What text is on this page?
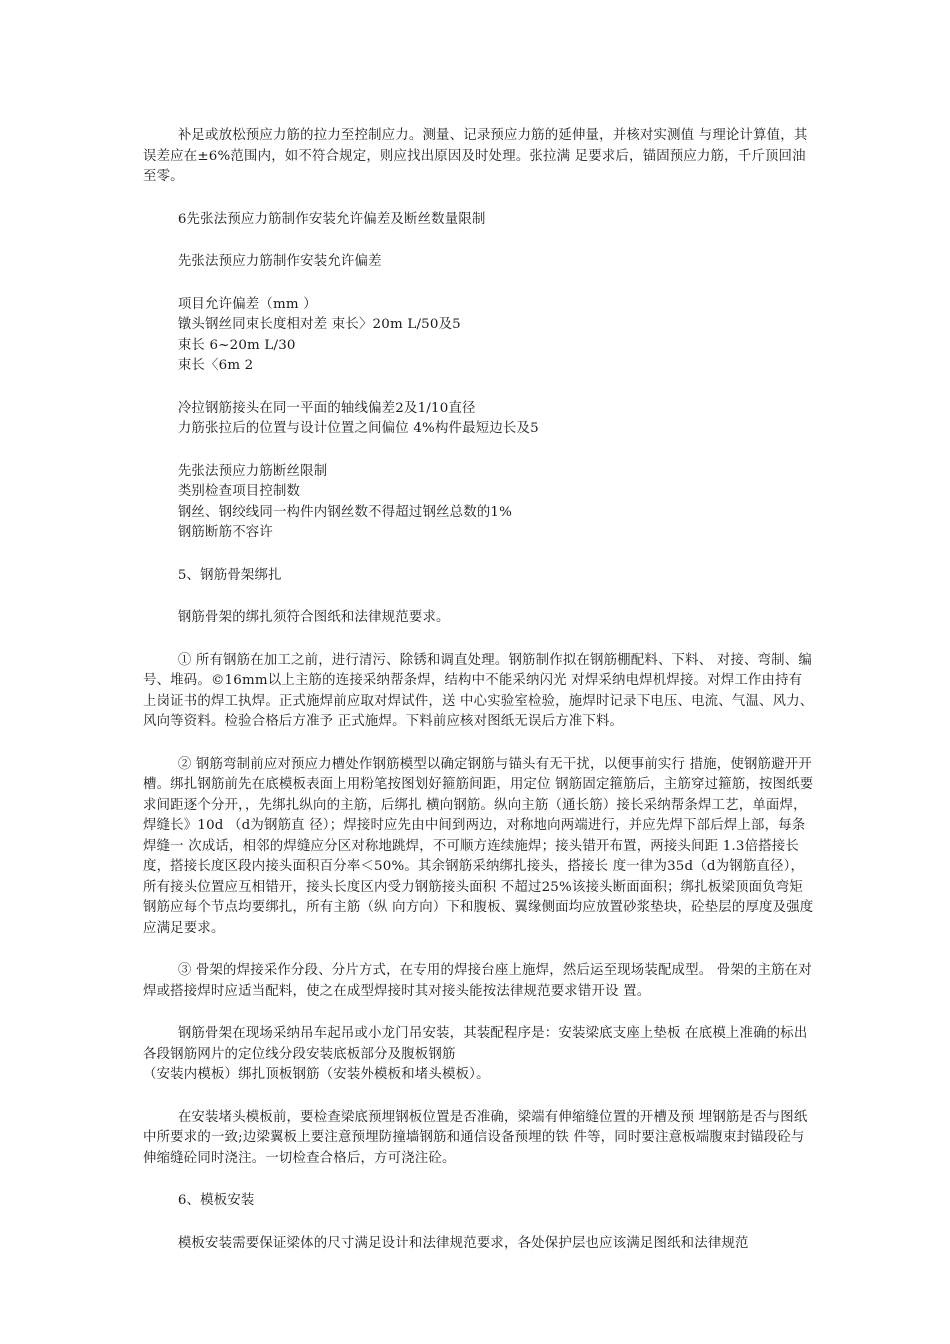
补足或放松预应力筋的拉力至控制应力。测量、记录预应力筋的延伸量，并核对实测值 与理论计算值，其误差应在±6%范围内，如不符合规定，则应找出原因及时处理。张拉满 足要求后，锚固预应力筋，千斤顶回油至零。

6先张法预应力筋制作安装允许偏差及断丝数量限制

先张法预应力筋制作安装允许偏差

项目允许偏差（mm ）

镦头钢丝同束长度相对差 束长〉20m L/50及5

束长 6~20m L/30

束长〈6m 2

冷拉钢筋接头在同一平面的轴线偏差2及1/10直径

力筋张拉后的位置与设计位置之间偏位 4%构件最短边长及5

先张法预应力筋断丝限制

类别检查项目控制数

钢丝、钢绞线同一构件内钢丝数不得超过钢丝总数的1%

钢筋断筋不容许

5、钢筋骨架绑扎

钢筋骨架的绑扎须符合图纸和法律规范要求。

① 所有钢筋在加工之前，进行清污、除锈和调直处理。钢筋制作拟在钢筋棚配料、下料、 对接、弯制、编 号、堆码。©16mm以上主筋的连接采纳帮条焊，结构中不能采纳闪光 对焊采纳电焊机焊接。对焊工作由持有上岗证书的焊工执焊。正式施焊前应取对焊试件，送 中心实验室检验，施焊时记录下电压、电流、气温、风力、风向等资料。检验合格后方准予 正式施焊。下料前应核对图纸无误后方准下料。

② 钢筋弯制前应对预应力槽处作钢筋模型以确定钢筋与锚头有无干扰，以便事前实行 措施，使钢筋避开开槽。绑扎钢筋前先在底模板表面上用粉笔按图划好箍筋间距，用定位 钢筋固定箍筋后，主筋穿过箍筋，按图纸要求间距逐个分开，，先绑扎纵向的主筋，后绑扎 横向钢筋。纵向主筋（通长筋）接长采纳帮条焊工艺，单面焊，焊缝长》10d （d为钢筋直 径）；焊接时应先由中间到两边，对称地向两端进行，并应先焊下部后焊上部，每条焊缝一 次成话，相邻的焊缝应分区对称地跳焊，不可顺方连续施焊；接头错开布置，两接头间距 1.3倍搭接长度，搭接长度区段内接头面积百分率＜50%。其余钢筋采纳绑扎接头，搭接长 度一律为35d（d为钢筋直径），所有接头位置应互相错开，接头长度区内受力钢筋接头面积 不超过25%该接头断面面积；绑扎板梁顶面负弯矩钢筋应每个节点均要绑扎，所有主筋（纵 向方向）下和腹板、翼缘侧面均应放置砂浆垫块，砼垫层的厚度及强度应满足要求。

③ 骨架的焊接采作分段、分片方式，在专用的焊接台座上施焊，然后运至现场装配成型。 骨架的主筋在对焊或搭接焊时应适当配料，使之在成型焊接时其对接头能按法律规范要求错开设 置。

钢筋骨架在现场采纳吊车起吊或小龙门吊安装，其装配程序是：安装梁底支座上垫板 在底模上准确的标出各段钢筋网片的定位线分段安装底板部分及腹板钢筋

（安装内模板）绑扎顶板钢筋（安装外模板和堵头模板）。

在安装堵头模板前，要检查梁底预埋钢板位置是否准确，梁端有伸缩缝位置的开槽及预 埋钢筋是否与图纸中所要求的一致;边梁翼板上要注意预埋防撞墙钢筋和通信设备预埋的铁 件等，同时要注意板端腹束封锚段砼与伸缩缝砼同时浇注。一切检查合格后，方可浇注砼。

6、模板安装

模板安装需要保证梁体的尺寸满足设计和法律规范要求，各处保护层也应该满足图纸和法律规范
